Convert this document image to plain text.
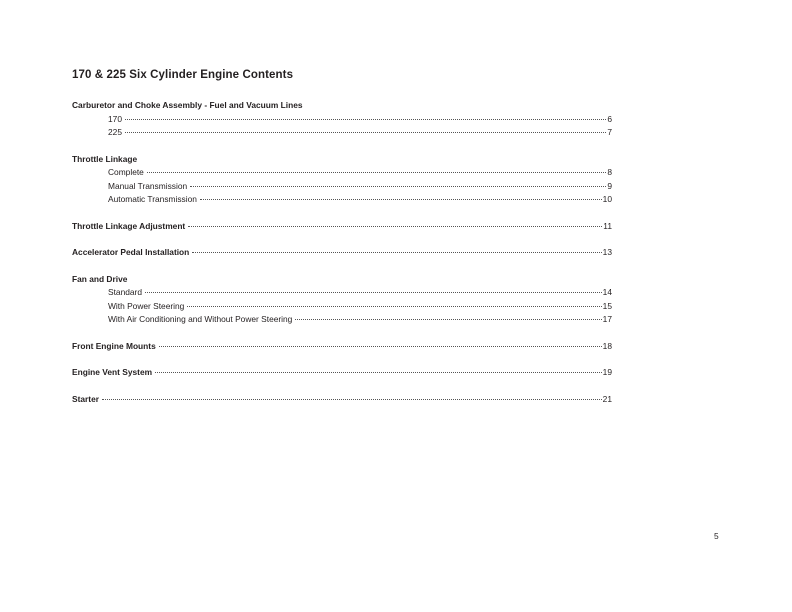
170 & 225 Six Cylinder Engine Contents
Carburetor and Choke Assembly - Fuel and Vacuum Lines
170	6
225	7
Throttle Linkage
Complete	8
Manual Transmission	9
Automatic Transmission	10
Throttle Linkage Adjustment	11
Accelerator Pedal Installation	13
Fan and Drive
Standard	14
With Power Steering	15
With Air Conditioning and Without Power Steering	17
Front Engine Mounts	18
Engine Vent System	19
Starter	21
5
